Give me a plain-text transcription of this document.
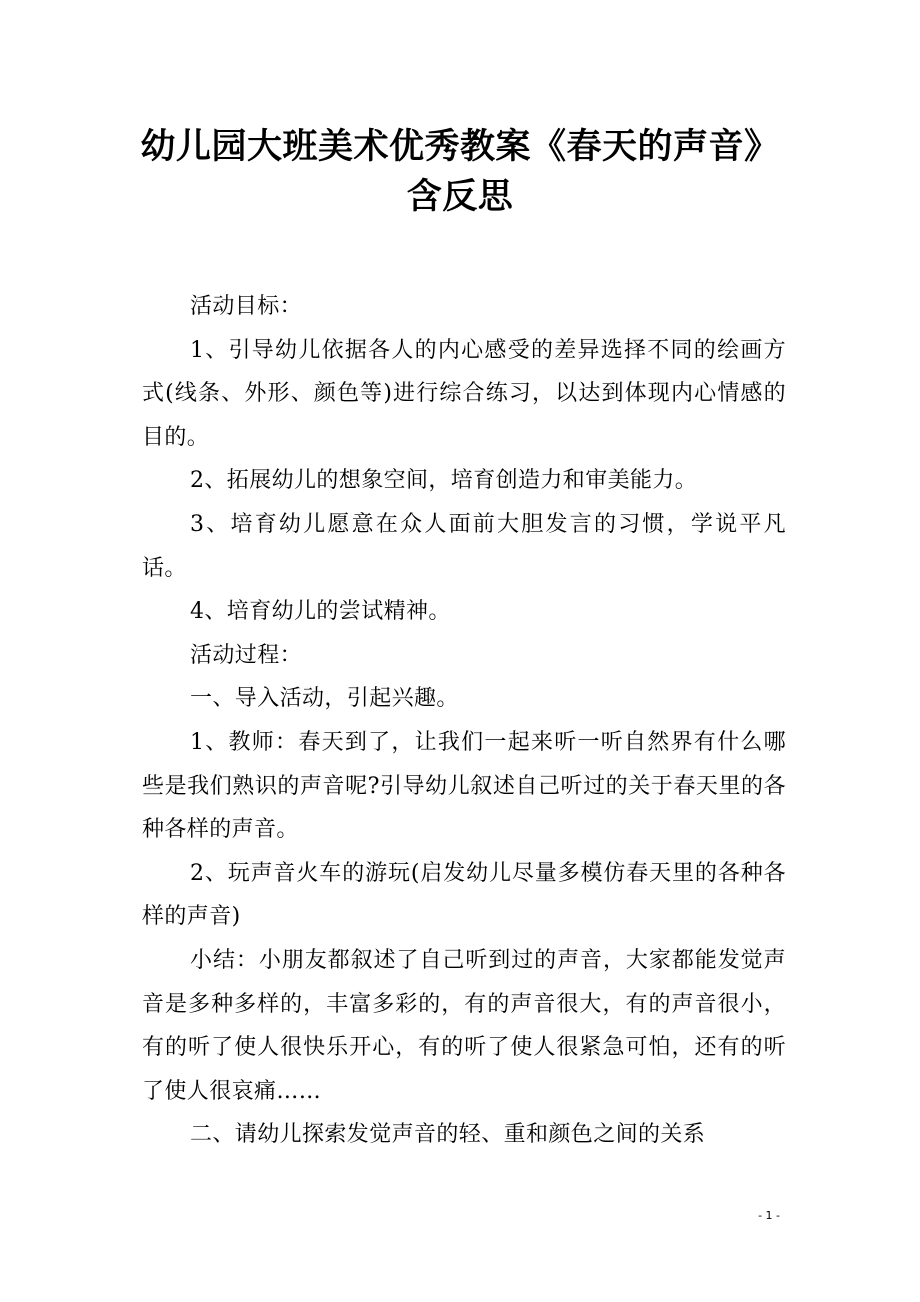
幼儿园大班美术优秀教案《春天的声音》含反思

活动目标：

1、引导幼儿依据各人的内心感受的差异选择不同的绘画方式(线条、外形、颜色等)进行综合练习，以达到体现内心情感的目的。

2、拓展幼儿的想象空间，培育创造力和审美能力。

3、培育幼儿愿意在众人面前大胆发言的习惯，学说平凡话。

4、培育幼儿的尝试精神。

活动过程：

一、导入活动，引起兴趣。

1、教师：春天到了，让我们一起来听一听自然界有什么哪些是我们熟识的声音呢?引导幼儿叙述自己听过的关于春天里的各种各样的声音。

2、玩声音火车的游玩(启发幼儿尽量多模仿春天里的各种各样的声音)

小结：小朋友都叙述了自己听到过的声音，大家都能发觉声音是多种多样的，丰富多彩的，有的声音很大，有的声音很小，有的听了使人很快乐开心，有的听了使人很紧急可怕，还有的听了使人很哀痛……

二、请幼儿探索发觉声音的轻、重和颜色之间的关系

- 1 -
